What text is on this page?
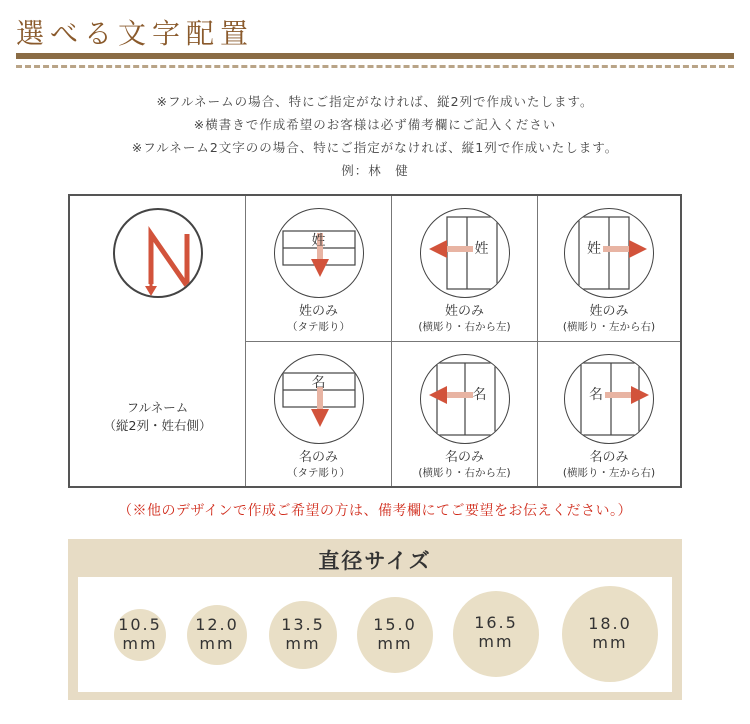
選べる文字配置
※フルネームの場合、特にご指定がなければ、縦2列で作成いたします。
※横書きで作成希望のお客様は必ず備考欄にご記入ください
※フルネーム2文字のの場合、特にご指定がなければ、縦1列で作成いたします。
例：林　健
フルネーム
（縦2列・姓右側）
姓
姓のみ
（タテ彫り）
姓
姓のみ
(横彫り・右から左)
姓
姓のみ
(横彫り・左から右)
名
名のみ
（タテ彫り）
名
名のみ
(横彫り・右から左)
名
名のみ
(横彫り・左から右)
（※他のデザインで作成ご希望の方は、備考欄にてご要望をお伝えください。）
直径サイズ
10.5
mm
12.0
mm
13.5
mm
15.0
mm
16.5
mm
18.0
mm
